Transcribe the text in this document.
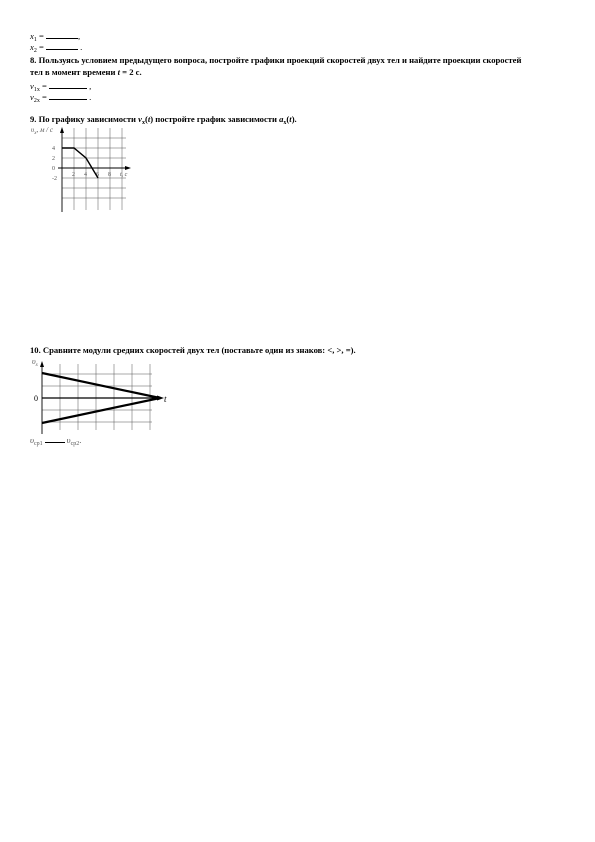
$x_1$ =	,
$x_2$ =	.
8. Пользуясь условием предыдущего вопроса, постройте графики проекций скоростей двух тел и найдите проекции скоростей
тел в момент времени t = 2 с.
$v_{1x}$ =	,
$v_{2x}$ =	.
9. По графику зависимости $v_x(t)$ постройте график зависимости $a_x(t)$.
$\upsilon_x$, м / с
t, с
2 4 6 8
4
2
0
-2
10. Сравните модули средних скоростей двух тел (поставьте один из знаков: <, >, =).
$\upsilon_x$
0	t
$\upsilon_{ср1}$	$\upsilon_{ср2}$.
